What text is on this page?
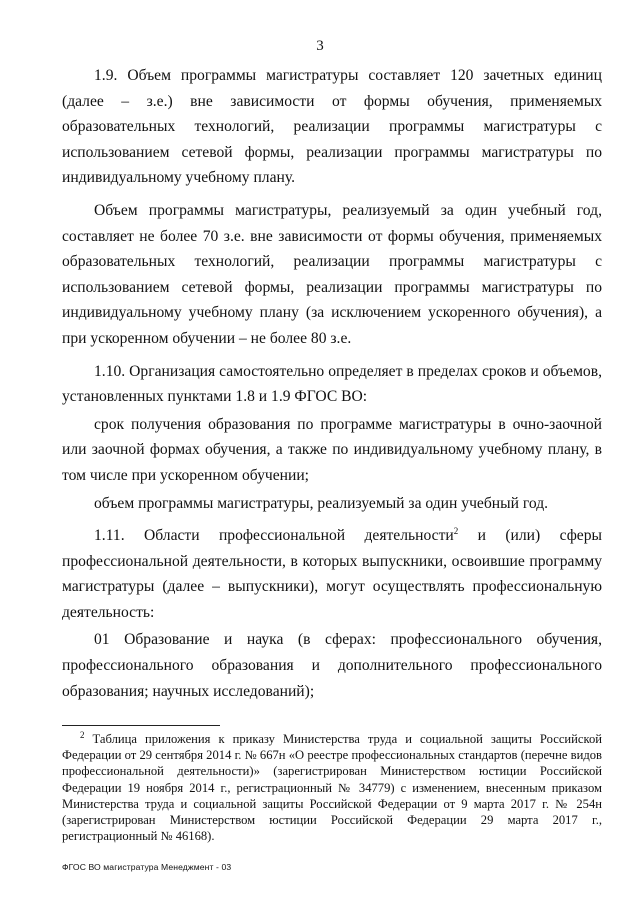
3

1.9. Объем программы магистратуры составляет 120 зачетных единиц (далее – з.е.) вне зависимости от формы обучения, применяемых образовательных технологий, реализации программы магистратуры с использованием сетевой формы, реализации программы магистратуры по индивидуальному учебному плану.

Объем программы магистратуры, реализуемый за один учебный год, составляет не более 70 з.е. вне зависимости от формы обучения, применяемых образовательных технологий, реализации программы магистратуры с использованием сетевой формы, реализации программы магистратуры по индивидуальному учебному плану (за исключением ускоренного обучения), а при ускоренном обучении – не более 80 з.е.

1.10. Организация самостоятельно определяет в пределах сроков и объемов, установленных пунктами 1.8 и 1.9 ФГОС ВО:

срок получения образования по программе магистратуры в очно-заочной или заочной формах обучения, а также по индивидуальному учебному плану, в том числе при ускоренном обучении;

объем программы магистратуры, реализуемый за один учебный год.

1.11. Области профессиональной деятельности$^2$ и (или) сферы профессиональной деятельности, в которых выпускники, освоившие программу магистратуры (далее – выпускники), могут осуществлять профессиональную деятельность:

01 Образование и наука (в сферах: профессионального обучения, профессионального образования и дополнительного профессионального образования; научных исследований);

$^2$ Таблица приложения к приказу Министерства труда и социальной защиты Российской Федерации от 29 сентября 2014 г. № 667н «О реестре профессиональных стандартов (перечне видов профессиональной деятельности)» (зарегистрирован Министерством юстиции Российской Федерации 19 ноября 2014 г., регистрационный № 34779) с изменением, внесенным приказом Министерства труда и социальной защиты Российской Федерации от 9 марта 2017 г. № 254н (зарегистрирован Министерством юстиции Российской Федерации 29 марта 2017 г., регистрационный № 46168).

ФГОС ВО магистратура Менеджмент - 03
